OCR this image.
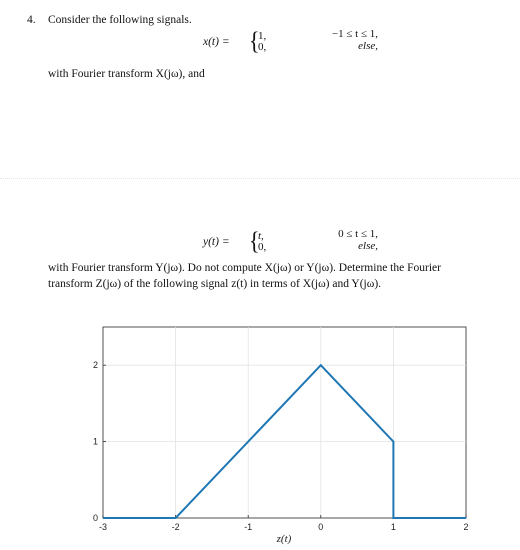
4. Consider the following signals.
x(t) = {
1,
0,
−1 ≤ t ≤ 1,
else,
with Fourier transform X(jω), and
y(t) = {
t,
0,
0 ≤ t ≤ 1,
else,
with Fourier transform Y(jω). Do not compute X(jω) or Y(jω). Determine the Fourier
transform Z(jω) of the following signal z(t) in terms of X(jω) and Y(jω).
-3	-2	-1	0	1	2
0
1
2
z(t)
